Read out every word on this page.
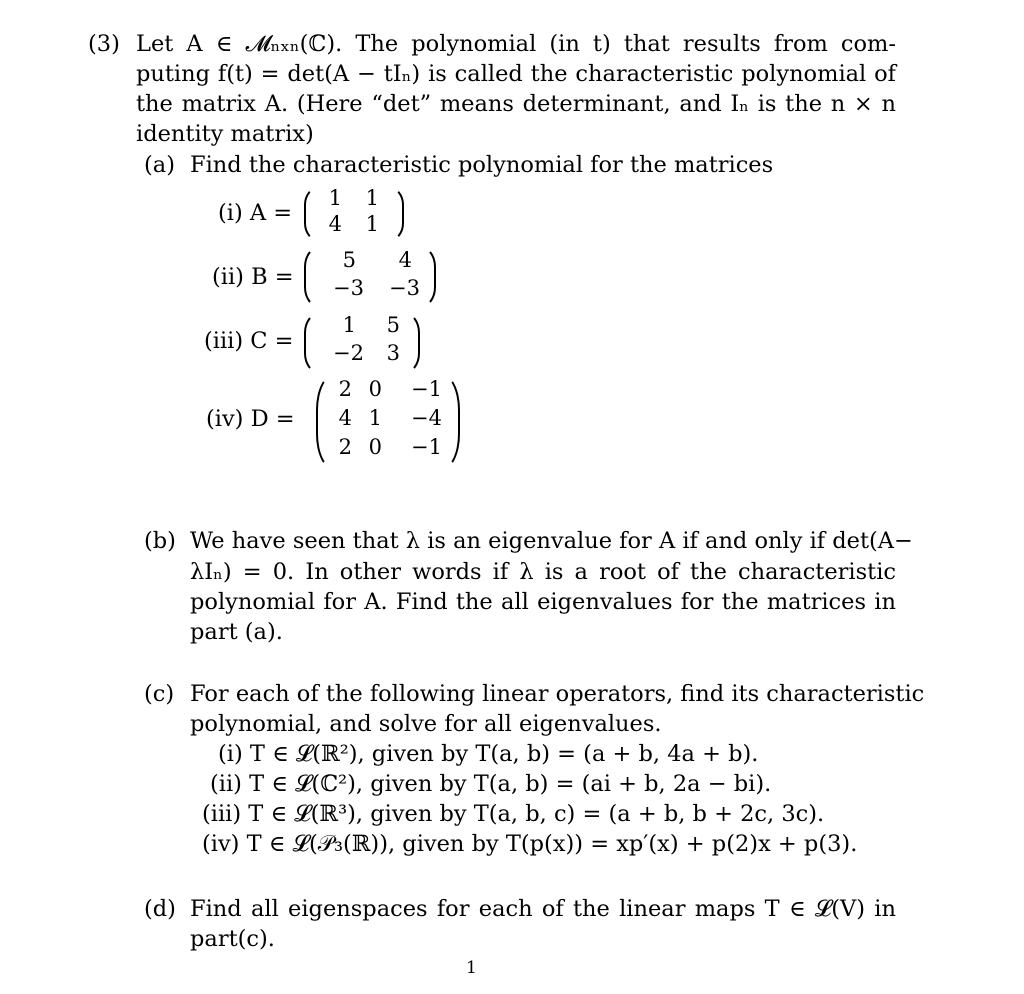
(3) Let A ∈ 𝓜ₙₓₙ(ℂ). The polynomial (in t) that results from com-
puting f(t) = det(A − tIₙ) is called the characteristic polynomial of
the matrix A. (Here “det” means determinant, and Iₙ is the n × n
identity matrix)
(a) Find the characteristic polynomial for the matrices
(i) A =
1	1
4	1
(ii) B =
5	4
−3	−3
(iii) C =
1	5
−2	3
(iv) D =
2 0	−1
4 1	−4
2 0	−1
(b) We have seen that λ is an eigenvalue for A if and only if det(A−
λIₙ) = 0. In other words if λ is a root of the characteristic
polynomial for A. Find the all eigenvalues for the matrices in
part (a).
(c) For each of the following linear operators, find its characteristic
polynomial, and solve for all eigenvalues.
(i) T ∈ 𝓛(ℝ²), given by T(a, b) = (a + b, 4a + b).
(ii) T ∈ 𝓛(ℂ²), given by T(a, b) = (ai + b, 2a − bi).
(iii) T ∈ 𝓛(ℝ³), given by T(a, b, c) = (a + b, b + 2c, 3c).
(iv) T ∈ 𝓛(𝒫₃(ℝ)), given by T(p(x)) = xp′(x) + p(2)x + p(3).
(d) Find all eigenspaces for each of the linear maps T ∈ 𝓛(V) in
part(c).
1
